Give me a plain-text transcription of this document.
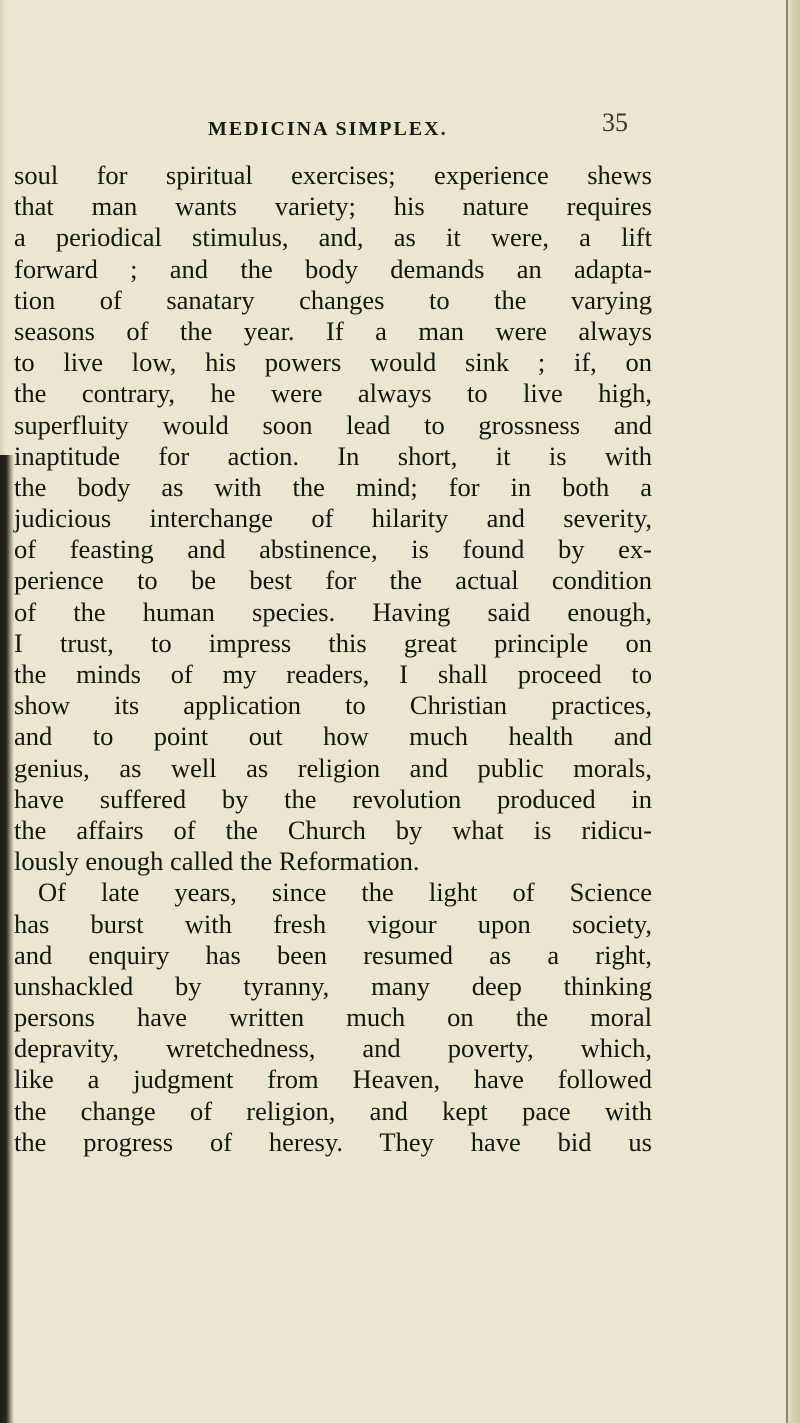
MEDICINA SIMPLEX.	35
soul for spiritual exercises; experience shews
that man wants variety; his nature requires
a periodical stimulus, and, as it were, a lift
forward ; and the body demands an adapta-
tion of sanatary changes to the varying
seasons of the year. If a man were always
to live low, his powers would sink ; if, on
the contrary, he were always to live high,
superfluity would soon lead to grossness and
inaptitude for action. In short, it is with
the body as with the mind; for in both a
judicious interchange of hilarity and severity,
of feasting and abstinence, is found by ex-
perience to be best for the actual condition
of the human species. Having said enough,
I trust, to impress this great principle on
the minds of my readers, I shall proceed to
show its application to Christian practices,
and to point out how much health and
genius, as well as religion and public morals,
have suffered by the revolution produced in
the affairs of the Church by what is ridicu-
lously enough called the Reformation.
Of late years, since the light of Science
has burst with fresh vigour upon society,
and enquiry has been resumed as a right,
unshackled by tyranny, many deep thinking
persons have written much on the moral
depravity, wretchedness, and poverty, which,
like a judgment from Heaven, have followed
the change of religion, and kept pace with
the progress of heresy. They have bid us
